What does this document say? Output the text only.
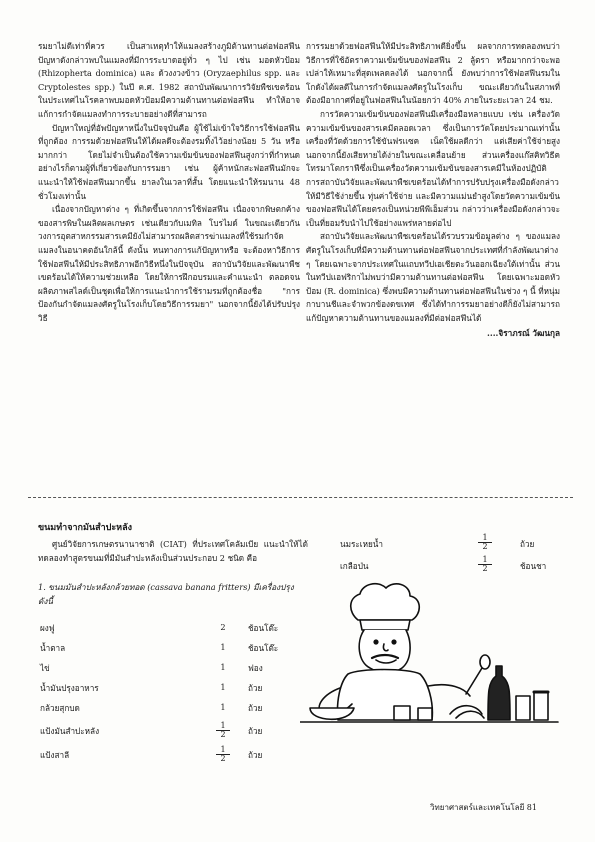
รมยาไม่ดีเท่าที่ควร เป็นสาเหตุทำให้แมลงสร้างภูมิต้านทานต่อฟอสฟีน ปัญหาดังกล่าวพบในแมลงที่มีการระบาดอยู่ทั่ว ๆ ไป เช่น มอดหัวป้อม (Rhizopherta dominica) และ ด้วงงวงข้าว (Oryzaephilus spp. และ Cryptolestes spp.) ในปี ค.ศ. 1982 สถาบันพัฒนาการวิจัยพืชเขตร้อนในประเทศไนโรคลาพบมอดหัวป้อมมีความต้านทานต่อฟอสฟีน ทำให้อาจแก้การกำจัดแมลงทำการระบายอย่างดีที่สามารถ

ปัญหาใหญ่ที่อัพปัญหาหนึ่งในปัจจุบันคือ ผู้ใช้ไม่เข้าใจวิธีการใช้ฟอสฟีนที่ถูกต้อง การรมด้วยฟอสฟีนให้ได้ผลดีจะต้องรมทิ้งไว้อย่างน้อย 5 วัน หรือมากกว่า โดยไม่จำเป็นต้องใช้ความเข้มข้นของฟอสฟีนสูงกว่าที่กำหนด อย่างไรก็ตามผู้ที่เกี่ยวข้องกับการรมยา เช่น ผู้ค้าหนักสะฟอสฟีนมักจะแนะนำให้ใช้ฟอสฟีนมากขึ้น ยาลงในเวลาที่สั้น โดยแนะนำให้รมนาน 48 ชั่วโมงเท่านั้น

เนื่องจากปัญหาต่าง ๆ ที่เกิดขึ้นจากการใช้ฟอสฟีน เนื่องจากพิษตกค้างของสารพิษในผลิตผลเกษตร เช่นเดียวกับเมทิล โบรไมด์ ในขณะเดียวกันวงการอุตสาหกรรมสารเคมียังไม่สามารถผลิตสารฆ่าแมลงที่ใช้รมกำจัดแมลงในอนาคตอันใกล้นี้ ดังนั้น หนทางการแก้ปัญหาหรือ จะต้องหาวิธีการใช้ฟอสฟีนให้มีประสิทธิภาพอีกวิธีหนึ่งในปัจจุบัน สถาบันวิจัยและพัฒนาพืชเขตร้อนได้ให้ความช่วยเหลือ โดยให้การฝึกอบรมและคำแนะนำ ตลอดจนผลิตภาพสไลด์เป็นชุดเพื่อให้การแนะนำการใช้รามรมที่ถูกต้องชื่อ "การป้องกันกำจัดแมลงศัตรูในโรงเก็บโดยวิธีการรมยา" นอกจากนี้ยังได้ปรับปรุงวิธี

การรมยาด้วยฟอสฟีนให้มีประสิทธิภาพดียิ่งขึ้น ผลจากการทดลองพบว่าวิธีการที่ใช้อัตราความเข้มข้นของฟอสฟีน 2 ลู้ตรา หรือมากกว่าจะพอเปล่าให้เหมาะที่สุดเพลดลงได้ นอกจากนี้ ยังพบว่าการใช้ฟอสฟีนรมในโกดังได้ผลดีในการกำจัดแมลงศัตรูในโรงเก็บ ขณะเดียวกันในสภาพที่ต้องมีอากาศที่อยู่ในฟอสฟีนในน้อยกว่า 40% ภายในระยะเวลา 24 ชม.

การวัดความเข้มข้นของฟอสฟีนมีเครื่องมือหลายแบบ เช่น เครื่องวัดความเข้มข้นของสารเคมีตลอดเวลา ซึ่งเป็นการวัดโดยประมาณเท่านั้น เครื่องที่วัดด้วยการใช้ขันฟรเเซค เน็ตใช้ผลดีกว่า แต่เสียค่าใช้จ่ายสูง นอกจากนี้ยังเสียหายได้ง่ายในขณะเคลื่อนย้าย ส่วนเครื่องแก๊สคิทวิธีคโทรมาโตกราฟีซึ่งเป็นเครื่องวัดความเข้มข้นของสารเคมีในห้องปฏิบัติการสถาบันวิจัยและพัฒนาพืชเขตร้อนได้ทำการปรับปรุงเครื่องมือดังกล่าวให้มีวิธีใช้ง่ายขึ้น ทุ่นค่าใช้จ่าย และมีความแม่นยำสูงโดยวัดความเข้มข้นของฟอสฟีนได้โดยตรงเป็นหน่วยพีพีเอ็มส่วน กล่าวว่าเครื่องมือดังกล่าวจะเป็นที่ยอมรับนำไปใช้อย่างแพร่หลายต่อไป

สถาบันวิจัยและพัฒนาพืชเขตร้อนได้รวบรวมข้อมูลต่าง ๆ ของแมลงศัตรูในโรงเก็บที่มีความต้านทานต่อฟอสฟีนจากประเทศที่กำลังพัฒนาต่าง ๆ โดยเฉพาะจากประเทศในแถบทวีปเอเชียตะวันออกเฉียงใต้เท่านั้น ส่วนในทวีปแอฟริกาไม่พบว่ามีความต้านทานต่อฟอสฟีน โดยเฉพาะมอดหัวป้อม (R. dominica) ซึ่งพบมีความต้านทานต่อฟอสฟีนในช่วง ๆ นี้ ที่หนุ่มกาบานชีและจำพวกข้องดขเทศ ซึ่งได้ทำการรมยาอย่างดีก็ยังไม่สามารถแก้ปัญหาความต้านทานของแมลงที่มีต่อฟอสฟีนได้

....จิราภรณ์ วัฒนกุล
ขนมทำจากมันสำปะหลัง

ศูนย์วิจัยการเกษตรนานาชาติ (CIAT) ที่ประเทศโคลัมเบีย แนะนำให้ได้ทดลองทำสูตรขนมที่มีมันสำปะหลังเป็นส่วนประกอบ 2 ชนิด คือ

1. ขนมมันสำปะหลังกล้วยทอด (cassava banana fritters) มีเครื่องปรุง ดังนี้
ผงฟู	2	ช้อนโต๊ะ
น้ำตาล	1	ช้อนโต๊ะ
ไข่	1	ฟอง
น้ำมันปรุงอาหาร	1	ถ้วย
กล้วยสุกบด	1	ถ้วย
แป้งมันสำปะหลัง	$\frac{1}{2}$ ถ้วย
แป้งสาลี	$\frac{1}{2}$ ถ้วย
นมระเหยน้ำ	$\frac{1}{2}$	ถ้วย
เกลือป่น	$\frac{1}{2}$	ช้อนชา
วิทยาศาสตร์และเทคโนโลยี 81
